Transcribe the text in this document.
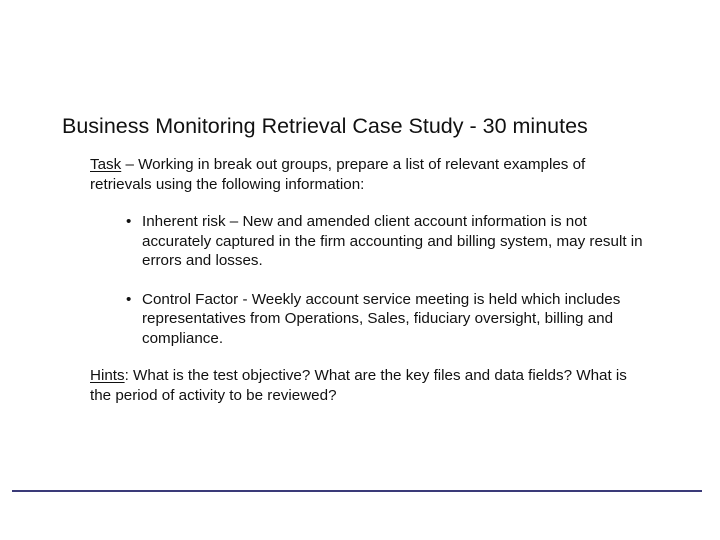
Business Monitoring Retrieval Case Study - 30 minutes
Task – Working in break out groups, prepare a list of relevant examples of retrievals using the following information:
• Inherent risk – New and amended client account information is not accurately captured in the firm accounting and billing system, may result in errors and losses.
• Control Factor - Weekly account service meeting is held which includes representatives from Operations, Sales, fiduciary oversight, billing and compliance.
Hints: What is the test objective? What are the key files and data fields? What is the period of activity to be reviewed?
